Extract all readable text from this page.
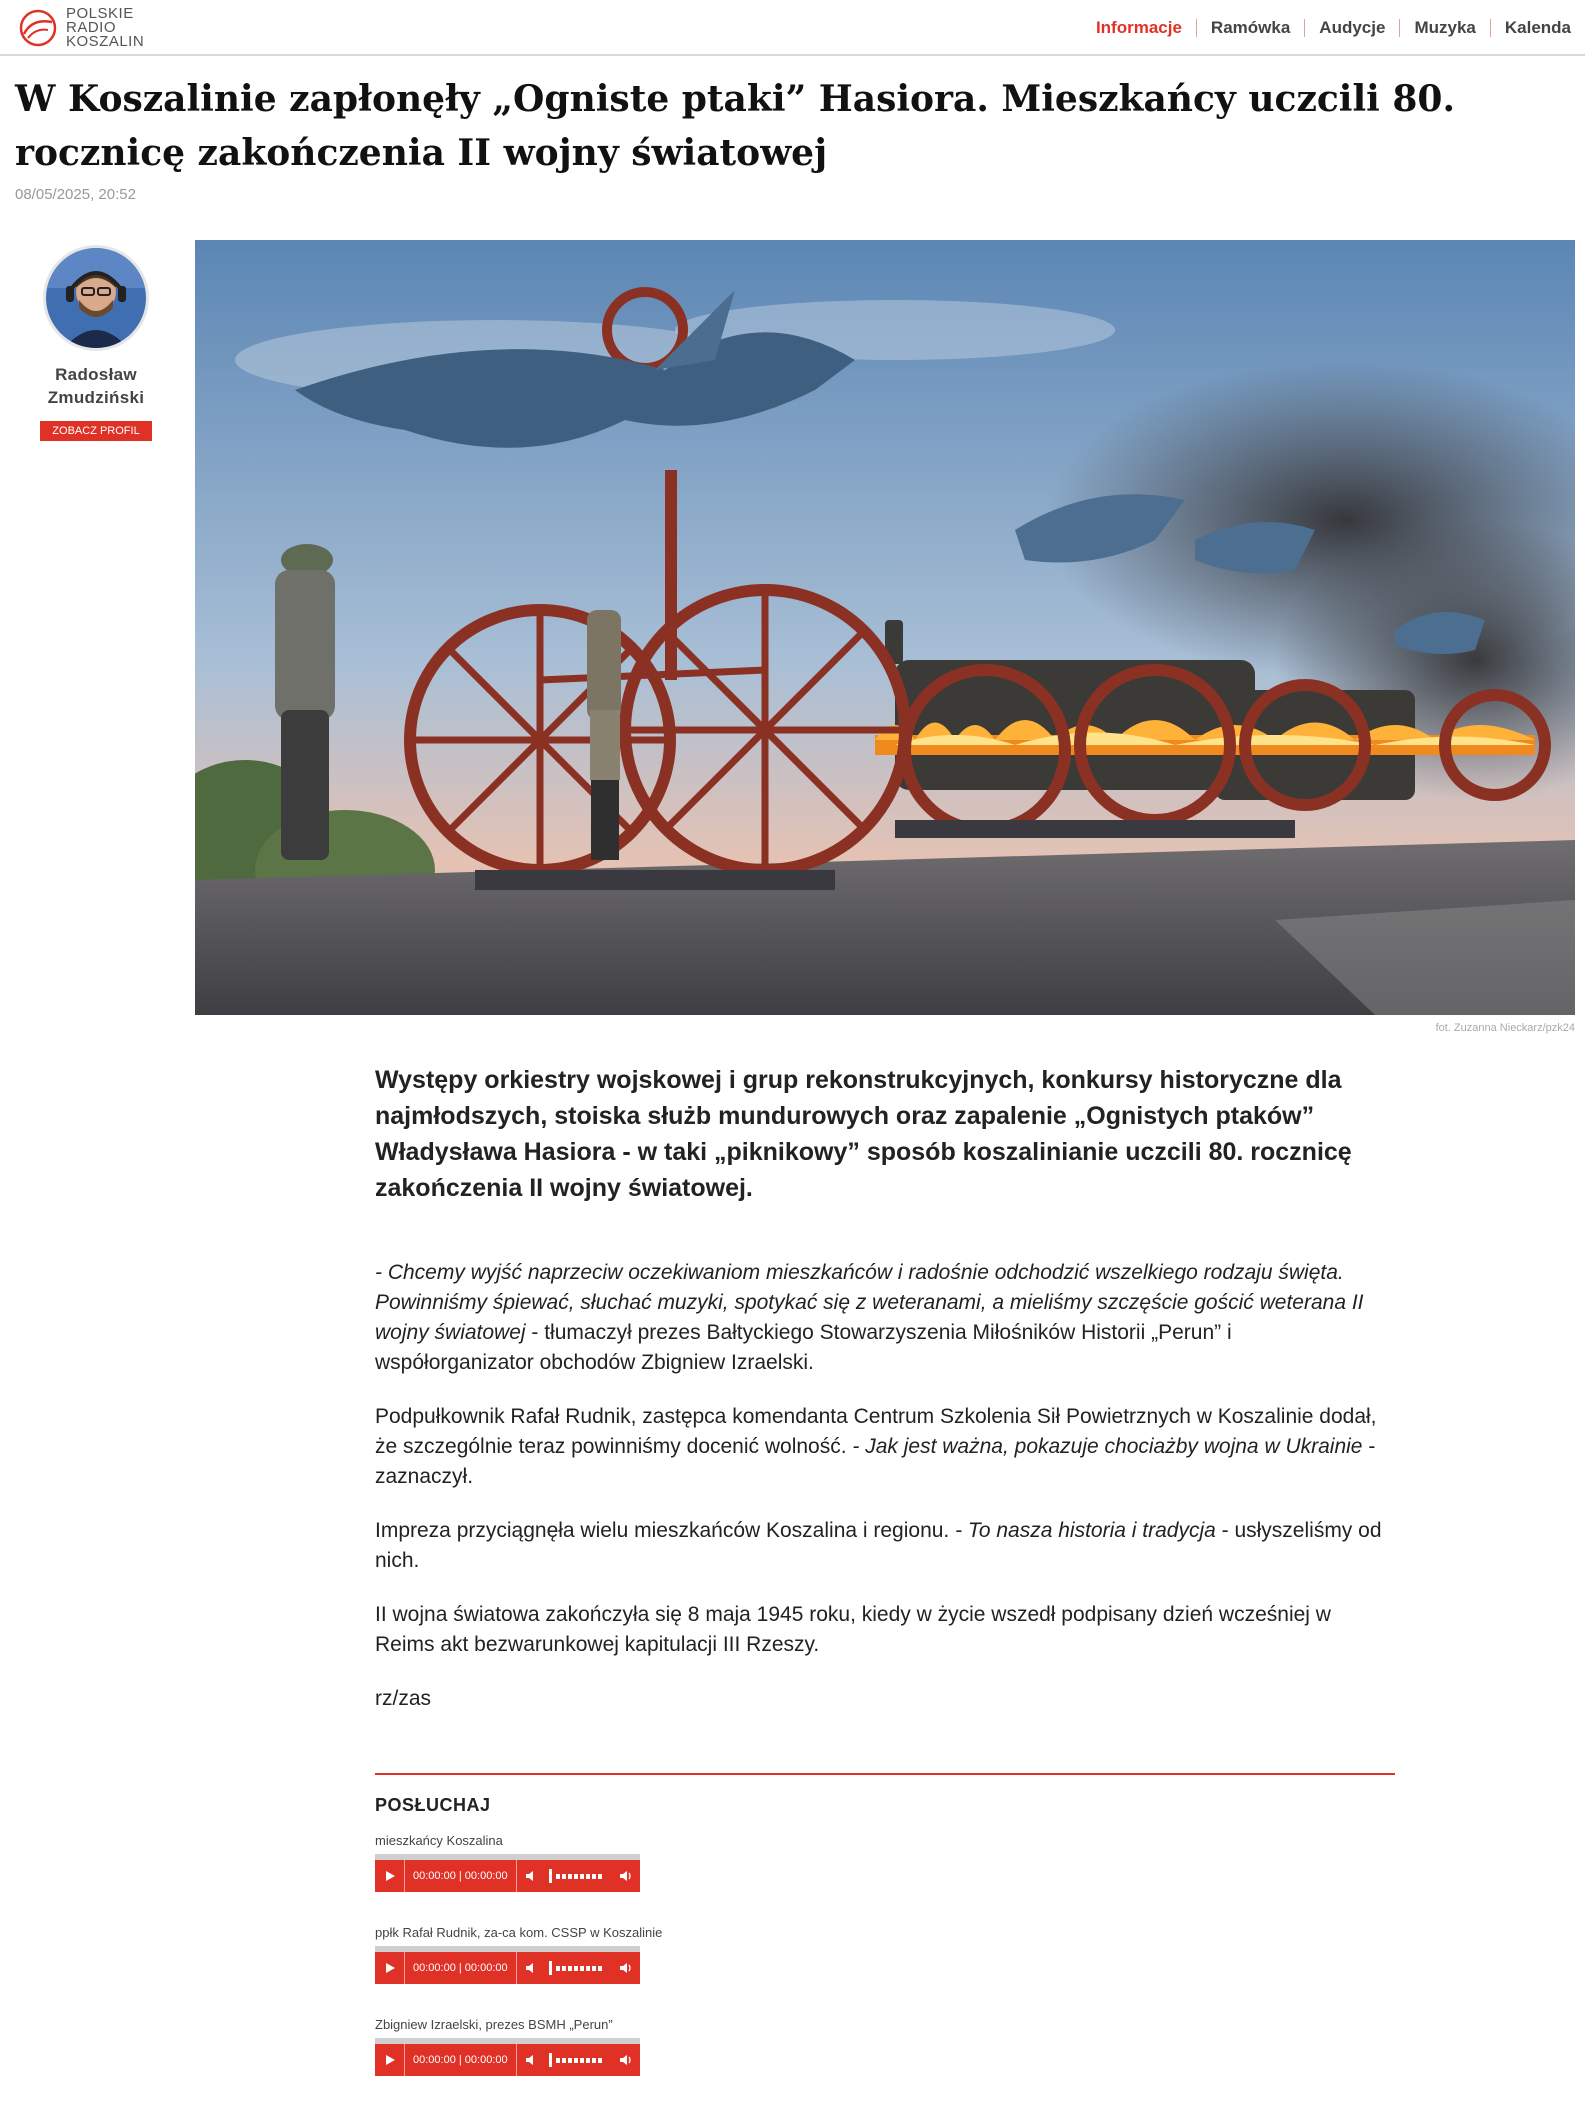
POLSKIE
RADIO
KOSZALIN
Informacje	Ramówka	Audycje	Muzyka	Kalenda
W Koszalinie zapłonęły „Ogniste ptaki” Hasiora. Mieszkańcy uczcili 80. rocznicę zakończenia II wojny światowej
08/05/2025, 20:52
Radosław
Zmudziński
ZOBACZ PROFIL
fot. Zuzanna Nieckarz/pzk24

Występy orkiestry wojskowej i grup rekonstrukcyjnych, konkursy historyczne dla najmłodszych, stoiska służb mundurowych oraz zapalenie „Ognistych ptaków” Władysława Hasiora - w taki „piknikowy” sposób koszalinianie uczcili 80. rocznicę zakończenia II wojny światowej.

- Chcemy wyjść naprzeciw oczekiwaniom mieszkańców i radośnie odchodzić wszelkiego rodzaju święta. Powinniśmy śpiewać, słuchać muzyki, spotykać się z weteranami, a mieliśmy szczęście gościć weterana II wojny światowej - tłumaczył prezes Bałtyckiego Stowarzyszenia Miłośników Historii „Perun” i współorganizator obchodów Zbigniew Izraelski.

Podpułkownik Rafał Rudnik, zastępca komendanta Centrum Szkolenia Sił Powietrznych w Koszalinie dodał, że szczególnie teraz powinniśmy docenić wolność. - Jak jest ważna, pokazuje chociażby wojna w Ukrainie - zaznaczył.

Impreza przyciągnęła wielu mieszkańców Koszalina i regionu. - To nasza historia i tradycja - usłyszeliśmy od nich.

II wojna światowa zakończyła się 8 maja 1945 roku, kiedy w życie wszedł podpisany dzień wcześniej w Reims akt bezwarunkowej kapitulacji III Rzeszy.

rz/zas

POSŁUCHAJ
mieszkańcy Koszalina
00:00:00 | 00:00:00
ppłk Rafał Rudnik, za-ca kom. CSSP w Koszalinie
00:00:00 | 00:00:00
Zbigniew Izraelski, prezes BSMH „Perun”
00:00:00 | 00:00:00
